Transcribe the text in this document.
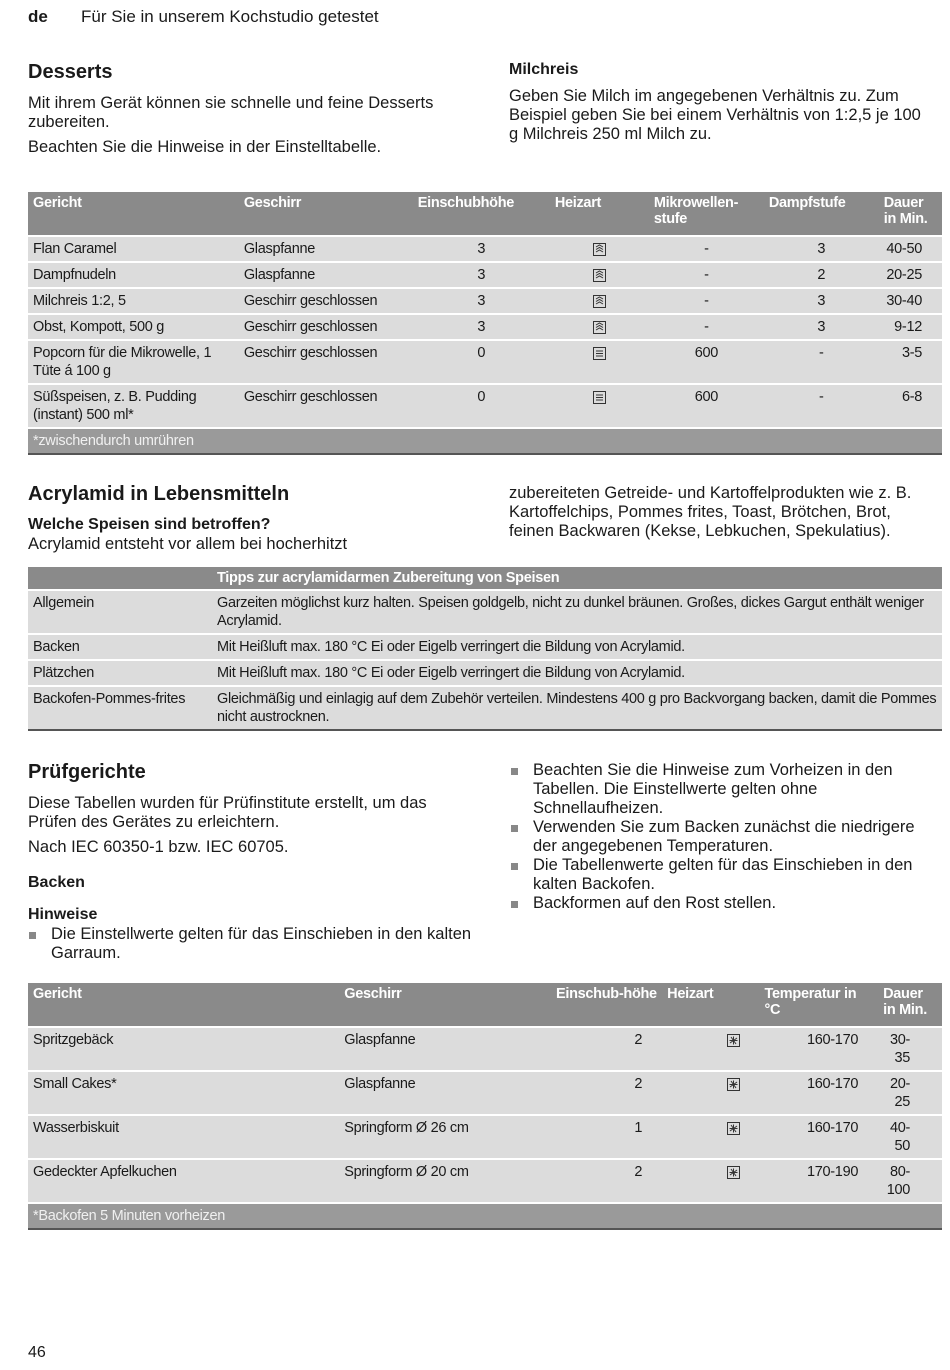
de Für Sie in unserem Kochstudio getestet
Desserts

Mit ihrem Gerät können sie schnelle und feine Desserts zubereiten.

Beachten Sie die Hinweise in der Einstelltabelle.

Milchreis

Geben Sie Milch im angegebenen Verhältnis zu. Zum Beispiel geben Sie bei einem Verhältnis von 1:2,5 je 100 g Milchreis 250 ml Milch zu.

Gericht	Geschirr	Einschubhöhe	Heizart	Mikrowellen-stufe	Dampfstufe	Dauer in Min.
Flan Caramel	Glaspfanne	3		-	3	40-50
Dampfnudeln	Glaspfanne	3		-	2	20-25
Milchreis 1:2, 5	Geschirr geschlossen	3		-	3	30-40
Obst, Kompott, 500 g	Geschirr geschlossen	3		-	3	9-12
Popcorn für die Mikrowelle, 1 Tüte á 100 g	Geschirr geschlossen	0		600	-	3-5
Süßspeisen, z. B. Pudding (instant) 500 ml*	Geschirr geschlossen	0		600	-	6-8
*zwischendurch umrühren						
Acrylamid in Lebensmitteln
Welche Speisen sind betroffen?

Acrylamid entsteht vor allem bei hocherhitzt

zubereiteten Getreide- und Kartoffelprodukten wie z. B. Kartoffelchips, Pommes frites, Toast, Brötchen, Brot, feinen Backwaren (Kekse, Lebkuchen, Spekulatius).

	Tipps zur acrylamidarmen Zubereitung von Speisen
Allgemein	Garzeiten möglichst kurz halten. Speisen goldgelb, nicht zu dunkel bräunen. Großes, dickes Gargut enthält weniger Acrylamid.
Backen	Mit Heißluft max. 180 °C Ei oder Eigelb verringert die Bildung von Acrylamid.
Plätzchen	Mit Heißluft max. 180 °C Ei oder Eigelb verringert die Bildung von Acrylamid.
Backofen-Pommes-frites	Gleichmäßig und einlagig auf dem Zubehör verteilen. Mindestens 400 g pro Backvorgang backen, damit die Pommes nicht austrocknen.
Prüfgerichte

Diese Tabellen wurden für Prüfinstitute erstellt, um das Prüfen des Gerätes zu erleichtern.

Nach IEC 60350-1 bzw. IEC 60705.

Backen
Hinweise
Die Einstellwerte gelten für das Einschieben in den kalten Garraum.
Beachten Sie die Hinweise zum Vorheizen in den Tabellen. Die Einstellwerte gelten ohne Schnellaufheizen.
Verwenden Sie zum Backen zunächst die niedrigere der angegebenen Temperaturen.
Die Tabellenwerte gelten für das Einschieben in den kalten Backofen.
Backformen auf den Rost stellen.
Gericht	Geschirr	Einschub-höhe	Heizart	Temperatur in °C	Dauer in Min.
Spritzgebäck	Glaspfanne	2		160-170	30-35
Small Cakes*	Glaspfanne	2		160-170	20-25
Wasserbiskuit	Springform Ø 26 cm	1		160-170	40-50
Gedeckter Apfelkuchen	Springform Ø 20 cm	2		170-190	80-100
*Backofen 5 Minuten vorheizen					
46
